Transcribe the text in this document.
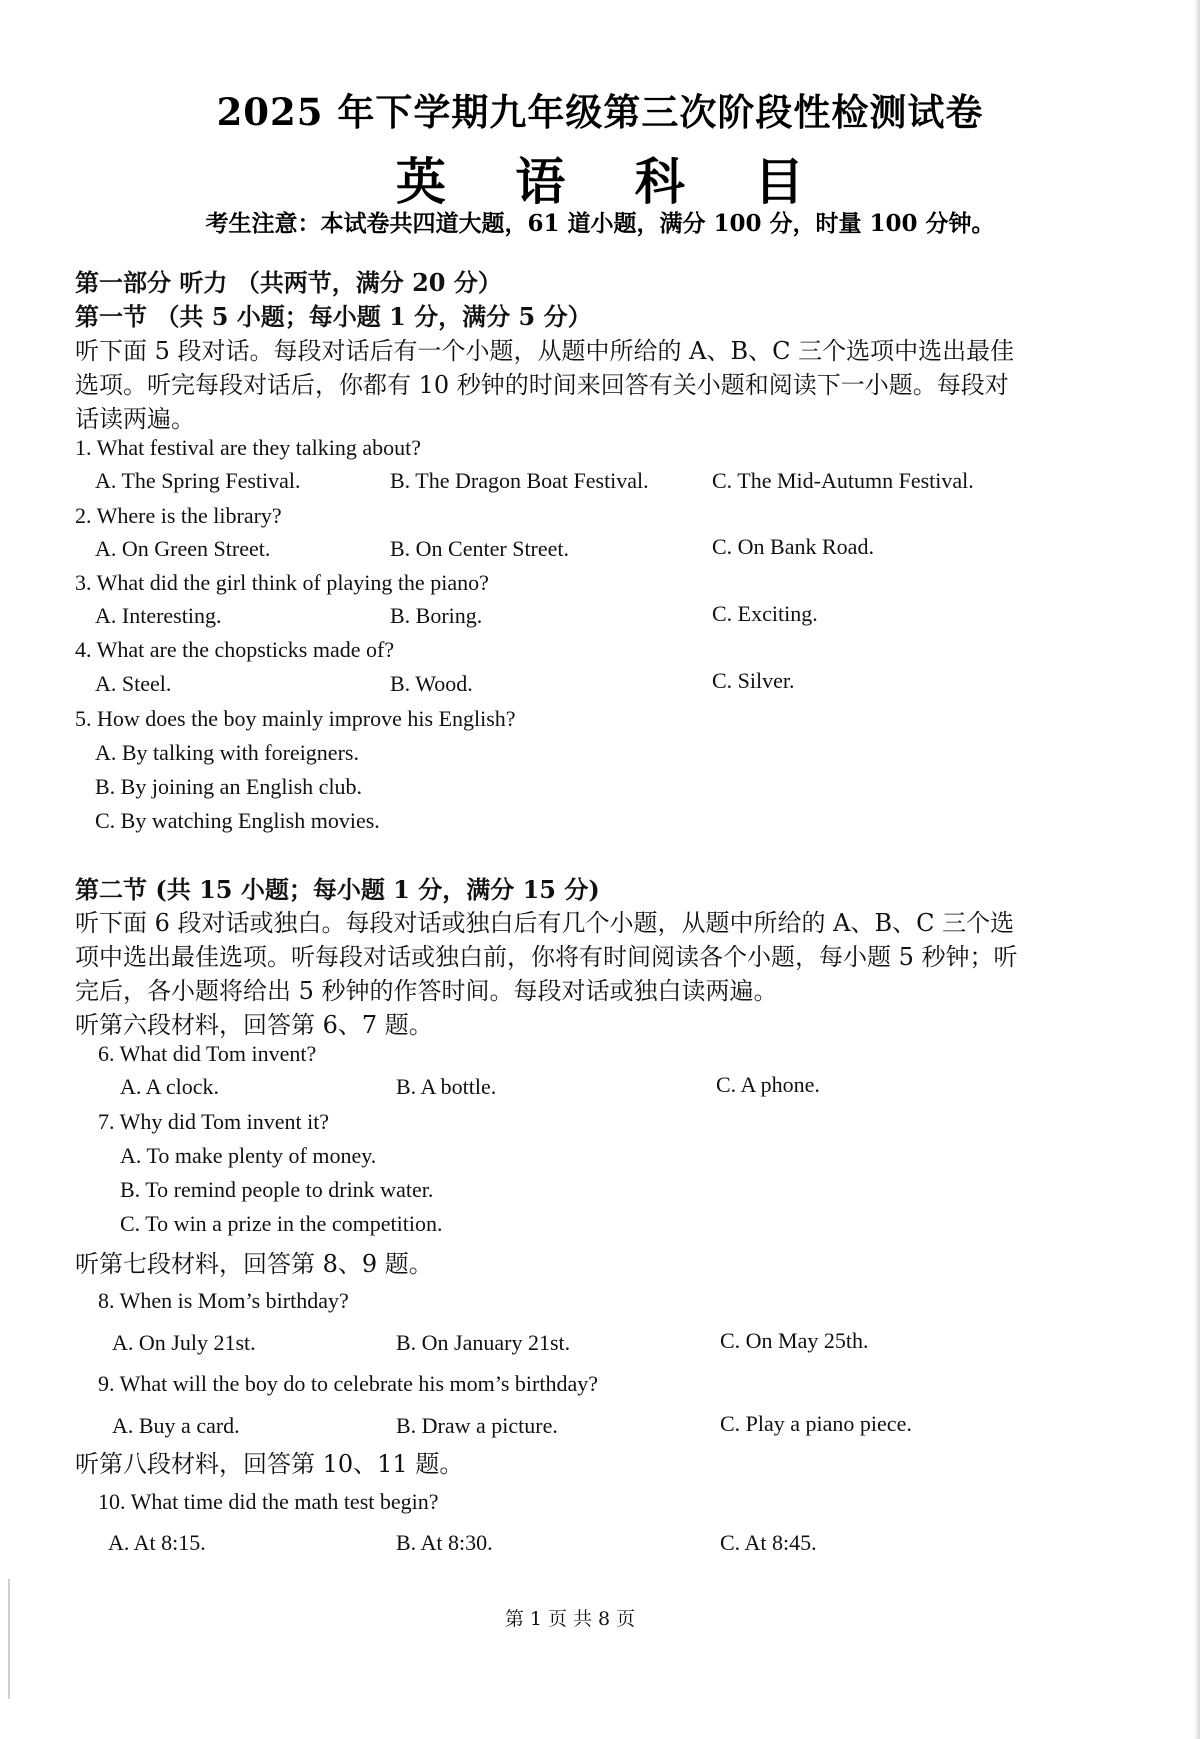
2025 年下学期九年级第三次阶段性检测试卷
英 语 科 目
考生注意：本试卷共四道大题，61 道小题，满分 100 分，时量 100 分钟。
第一部分 听力 （共两节，满分 20 分）
第一节 （共 5 小题；每小题 1 分，满分 5 分）
听下面 5 段对话。每段对话后有一个小题，从题中所给的 A、B、C 三个选项中选出最佳
选项。听完每段对话后，你都有 10 秒钟的时间来回答有关小题和阅读下一小题。每段对
话读两遍。
1. What festival are they talking about?
A. The Spring Festival.	B. The Dragon Boat Festival.	C. The Mid-Autumn Festival.
2. Where is the library?
A. On Green Street.	B. On Center Street.	C. On Bank Road.
3. What did the girl think of playing the piano?
A. Interesting.	B. Boring.	C. Exciting.
4. What are the chopsticks made of?
A. Steel.	B. Wood.	C. Silver.
5. How does the boy mainly improve his English?
A. By talking with foreigners.
B. By joining an English club.
C. By watching English movies.
第二节 (共 15 小题；每小题 1 分，满分 15 分)
听下面 6 段对话或独白。每段对话或独白后有几个小题，从题中所给的 A、B、C 三个选
项中选出最佳选项。听每段对话或独白前，你将有时间阅读各个小题，每小题 5 秒钟；听
完后，各小题将给出 5 秒钟的作答时间。每段对话或独白读两遍。
听第六段材料，回答第 6、7 题。
6. What did Tom invent?
A. A clock.	B. A bottle.	C. A phone.
7. Why did Tom invent it?
A. To make plenty of money.
B. To remind people to drink water.
C. To win a prize in the competition.
听第七段材料，回答第 8、9 题。
8. When is Mom’s birthday?
A. On July 21st.	B. On January 21st.	C. On May 25th.
9. What will the boy do to celebrate his mom’s birthday?
A. Buy a card.	B. Draw a picture.	C. Play a piano piece.
听第八段材料，回答第 10、11 题。
10. What time did the math test begin?
A. At 8:15.	B. At 8:30.	C. At 8:45.
第 1 页 共 8 页
